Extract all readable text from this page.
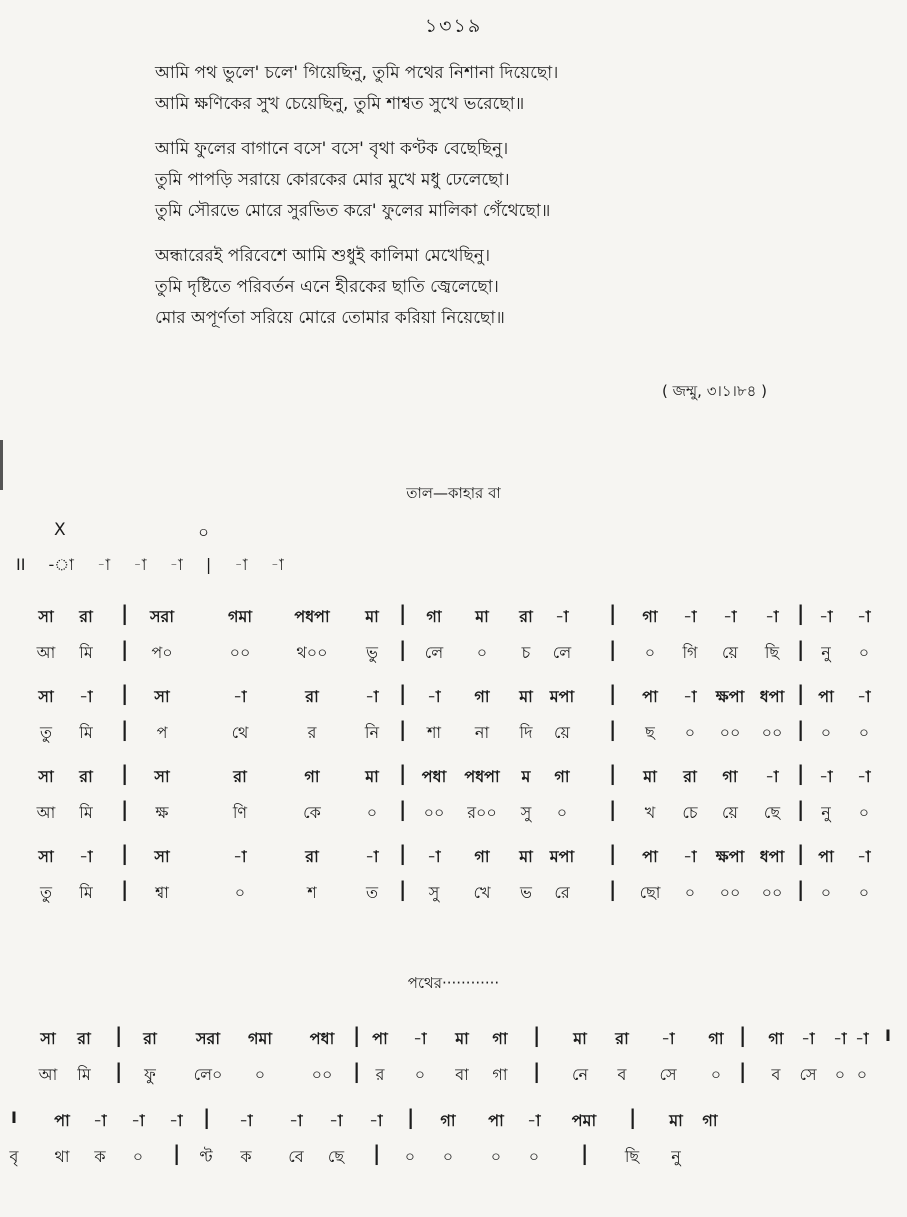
১৩১৯
আমি পথ ভুলে' চলে' গিয়েছিনু, তুমি পথের নিশানা দিয়েছো।
আমি ক্ষণিকের সুখ চেয়েছিনু, তুমি শাশ্বত সুখে ভরেছো॥
আমি ফুলের বাগানে বসে' বসে' বৃথা কণ্টক বেছেছিনু।
তুমি পাপড়ি সরায়ে কোরকের মোর মুখে মধু ঢেলেছো।
তুমি সৌরভে মোরে সুরভিত করে' ফুলের মালিকা গেঁথেছো॥
অন্ধারেরই পরিবেশে আমি শুধুই কালিমা মেখেছিনু।
তুমি দৃষ্টিতে পরিবর্তন এনে হীরকের ছাতি জ্বেলেছো।
মোর অপূর্ণতা সরিয়ে মোরে তোমার করিয়া নিয়েছো॥
( জম্মু, ৩।১।৮৪ )
তাল—কাহার বা
X	০
II -া -া -া -া | -া -া
সা	রা	|	সরা	গমা	পধপা	মা	|	গা	মা	রা	-া	|	গা	-া	-া	-া | -া	-া
আ	মি	|	প০	০০	থ০০	ভু	|	লে	০	চ	লে	|	০	গি	য়ে	ছি |	নু	০
সা	-া	|	সা	-া	রা	-া	|	-া	গা	মা	মপা	|	পা	-া	ক্ষপা ধপা | পা	-া
তু	মি	|	প	থে	র	নি |	শা	না	দি	য়ে	|	ছ	০	০০	০০ |	০	০
সা	রা	|	সা	রা	গা	মা	| পধা	পধপা	ম	গা	|	মা	রা	গা	-া | -া	-া
আ	মি	|	ক্ষ	ণি	কে	০	|	০০	র০০	সু	০	|	খ	চে	য়ে	ছে |	নু	০
সা	-া	|	সা	-া	রা	-া	|	-া	গা	মা	মপা	|	পা	-া	ক্ষপা ধপা | পা	-া
তু	মি	|	শ্বা	০	শ	ত	|	সু	খে	ভ	রে	|	ছো	০	০০	০০ |	০	০
পথের············
সা	রা	|	রা	সরা	গমা	পধা | পা	-া	মা	গা	|	মা	রা	-া	গা |	গা	-া	-া -া	I
আ	মি	|	ফু	লে০	০	০০	| র	০	বা	গা	|	নে	ব	সে	০ |	ব	সে	০ ০
I	পা	-া	-া	-া	|	-া	-া	-া	-া	|	গা	পা	-া	পমা	|	মা	গা
বৃ	থা	ক	০	|	ণ্ট	ক	বে	ছে	|	০	০	০	০	|	ছি	নু
